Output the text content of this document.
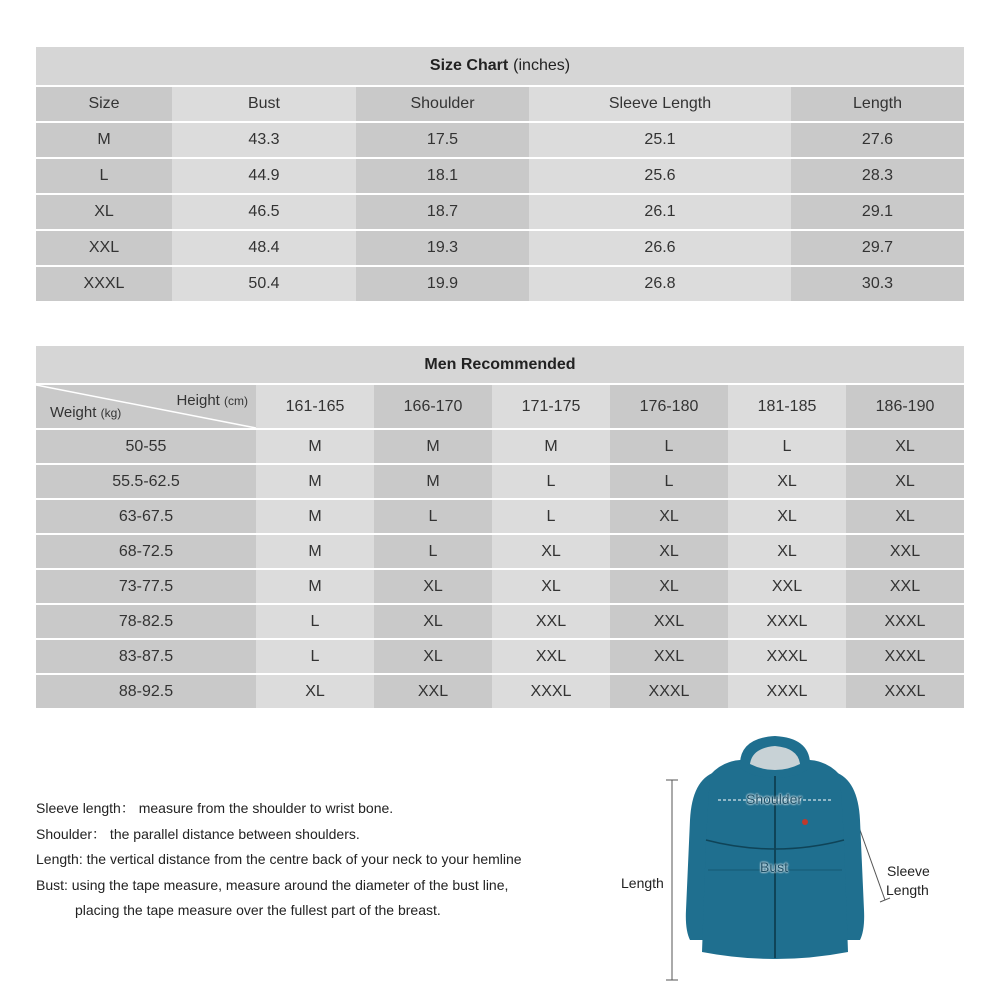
Size Chart (inches)
Size	Bust	Shoulder	Sleeve Length	Length
M	43.3	17.5	25.1	27.6
L	44.9	18.1	25.6	28.3
XL	46.5	18.7	26.1	29.1
XXL	48.4	19.3	26.6	29.7
XXXL	50.4	19.9	26.8	30.3
Men Recommended
Height (cm)
Weight (kg)	161-165	166-170	171-175	176-180	181-185	186-190
50-55	M	M	M	L	L	XL
55.5-62.5	M	M	L	L	XL	XL
63-67.5	M	L	L	XL	XL	XL
68-72.5	M	L	XL	XL	XL	XXL
73-77.5	M	XL	XL	XL	XXL	XXL
78-82.5	L	XL	XXL	XXL	XXXL	XXXL
83-87.5	L	XL	XXL	XXL	XXXL	XXXL
88-92.5	XL	XXL	XXXL	XXXL	XXXL	XXXL
Sleeve length： measure from the shoulder to wrist bone.
Shoulder： the parallel distance between shoulders.
Length: the vertical distance from the centre back of your neck to your hemline
Bust: using the tape measure, measure around the diameter of the bust line,
placing the tape measure over the fullest part of the breast.
Shoulder
Bust
Length
Sleeve
Length
